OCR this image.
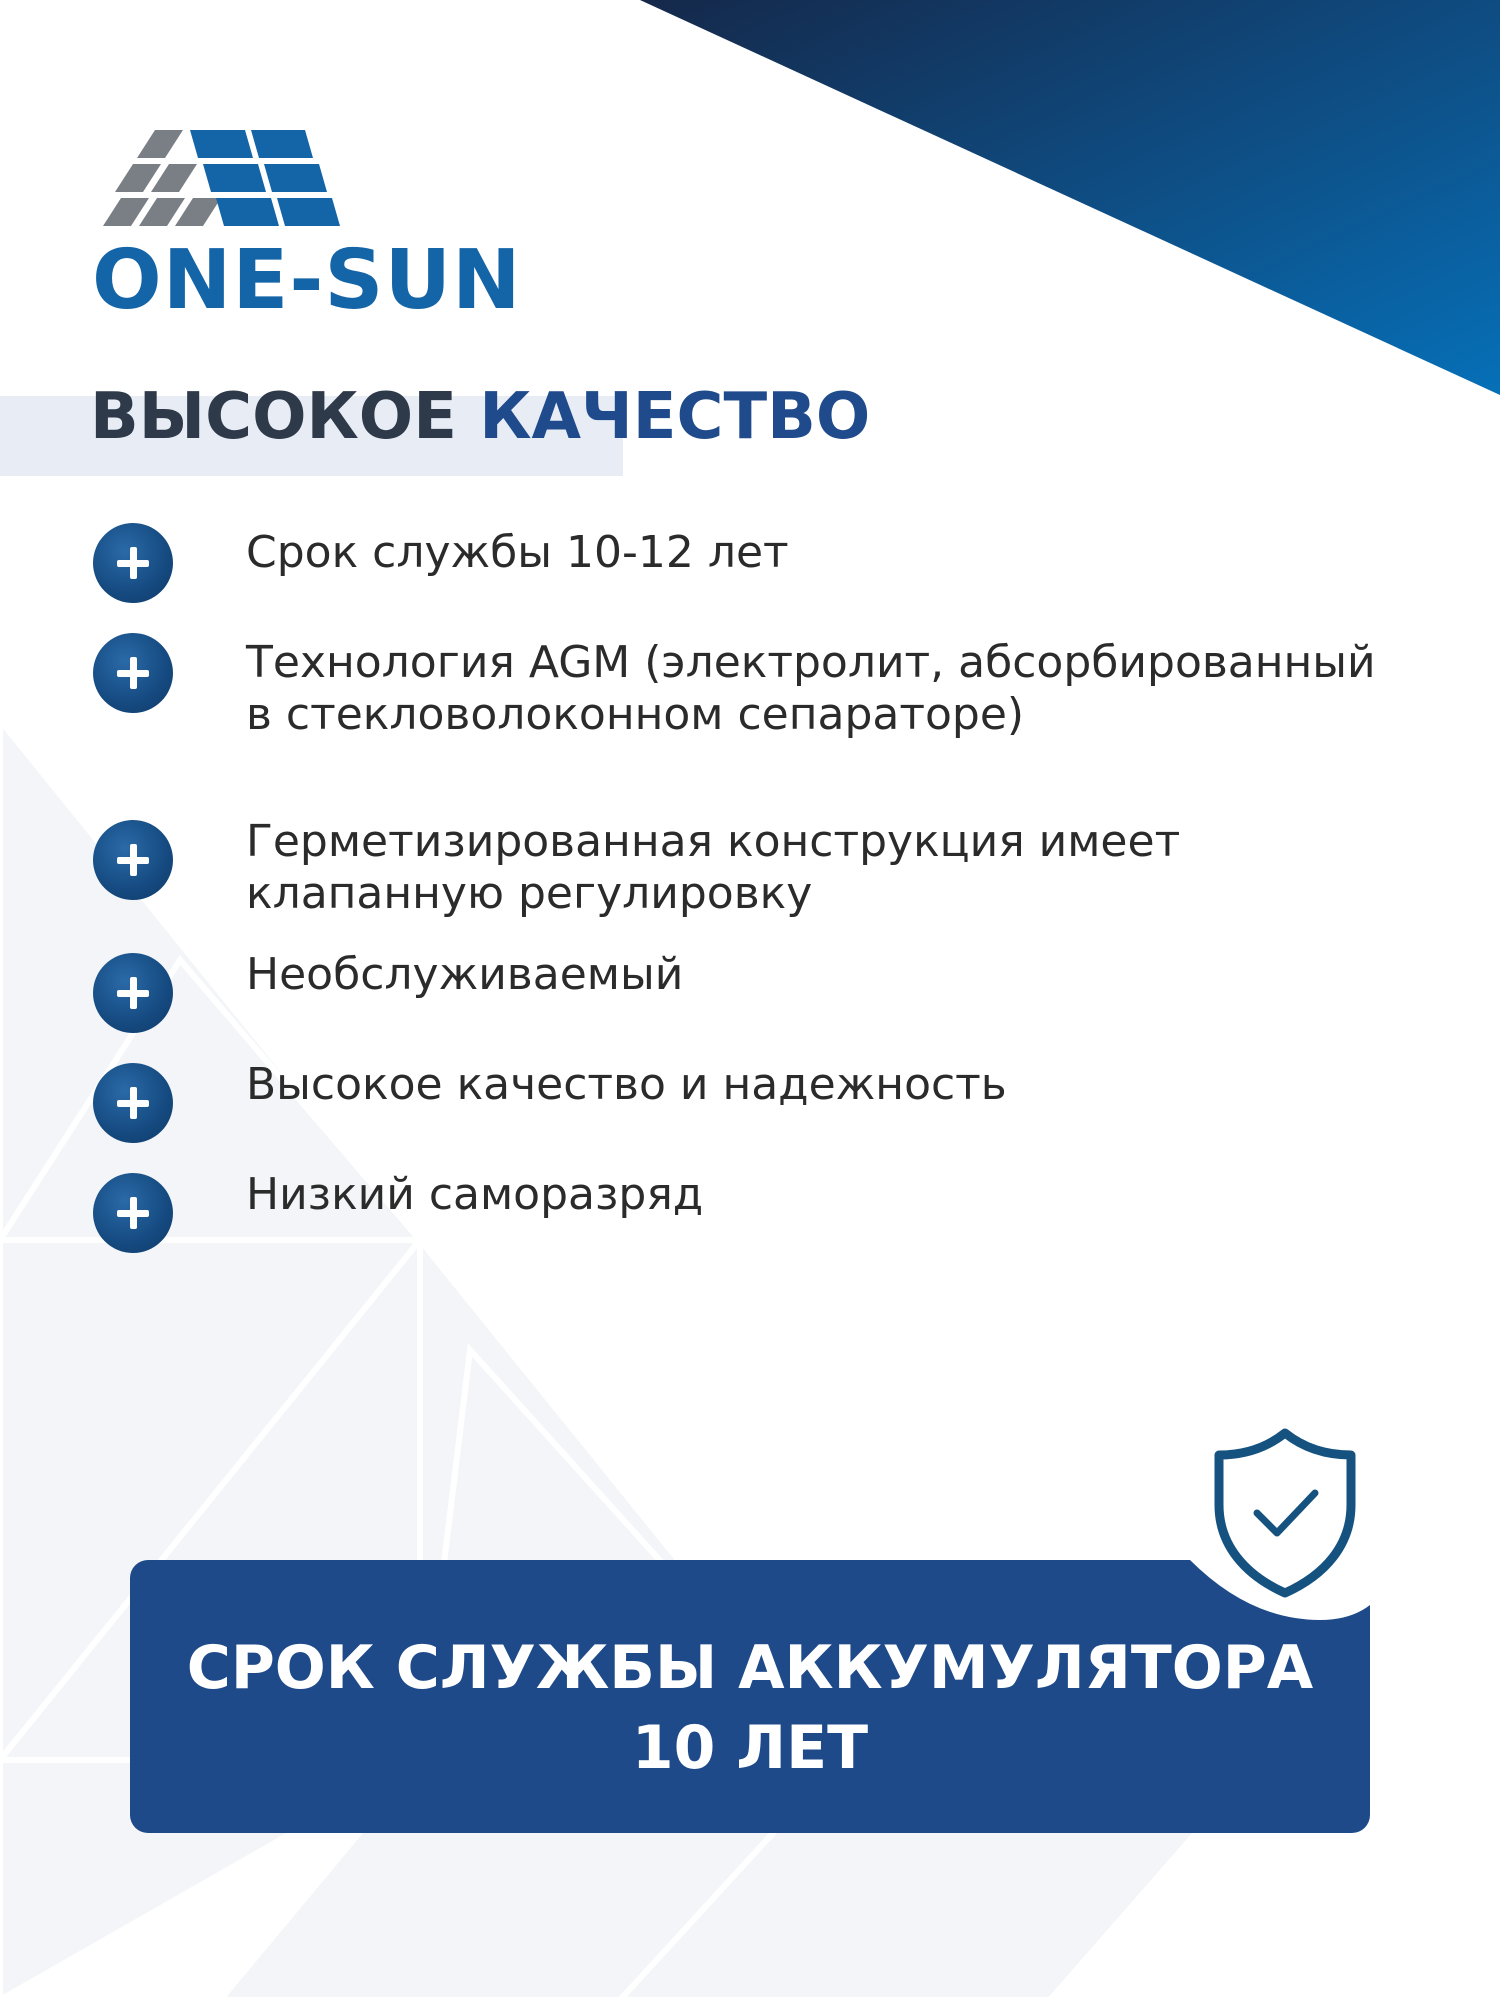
ONE-SUN
ВЫСОКОЕ КАЧЕСТВО
Срок службы 10-12 лет
Технология AGM (электролит, абсорбированный в стекловолоконном сепараторе)
Герметизированная конструкция имеет клапанную регулировку
Необслуживаемый
Высокое качество и надежность
Низкий саморазряд
СРОК СЛУЖБЫ АККУМУЛЯТОРА
10 ЛЕТ
